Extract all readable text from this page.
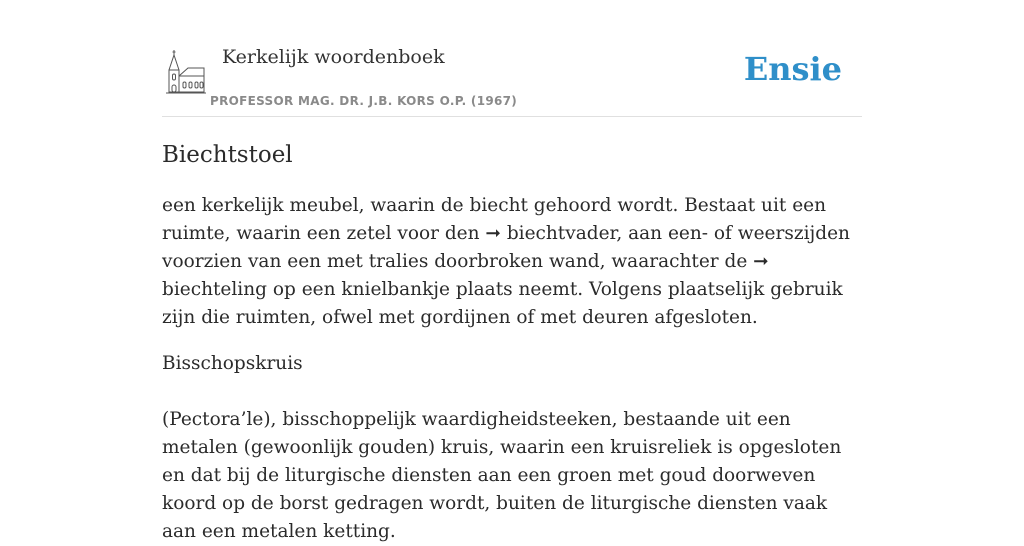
Kerkelijk woordenboek
PROFESSOR MAG. DR. J.B. KORS O.P. (1967)
Ensie
Biechtstoel

een kerkelijk meubel, waarin de biecht gehoord wordt. Bestaat uit een ruimte, waarin een zetel voor den ➞ biechtvader, aan een- of weerszijden voorzien van een met tralies doorbroken wand, waarachter de ➞ biechteling op een knielbankje plaats neemt. Volgens plaatselijk gebruik zijn die ruimten, ofwel met gordijnen of met deuren afgesloten.

Bisschopskruis

(Pectora’le), bisschoppelijk waardigheidsteeken, bestaande uit een metalen (gewoonlijk gouden) kruis, waarin een kruisreliek is opgesloten en dat bij de liturgische diensten aan een groen met goud doorweven koord op de borst gedragen wordt, buiten de liturgische diensten vaak aan een metalen ketting.
